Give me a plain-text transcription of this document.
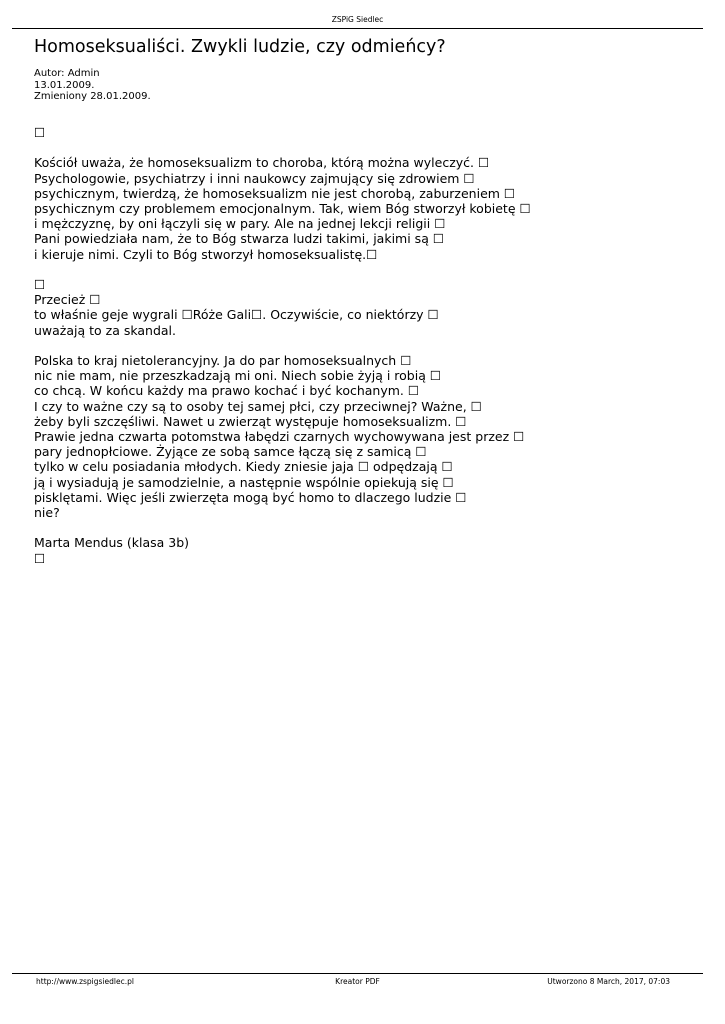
ZSPiG Siedlec
Homoseksualiści. Zwykli ludzie, czy odmieńcy?
Autor: Admin
13.01.2009.
Zmieniony 28.01.2009.

☐

Kościół uważa, że homoseksualizm to choroba, którą można wyleczyć. ☐
Psychologowie, psychiatrzy i inni naukowcy zajmujący się zdrowiem ☐
psychicznym, twierdzą, że homoseksualizm nie jest chorobą, zaburzeniem ☐
psychicznym czy problemem emocjonalnym. Tak, wiem Bóg stworzył kobietę ☐
i mężczyznę, by oni łączyli się w pary. Ale na jednej lekcji religii ☐
Pani powiedziała nam, że to Bóg stwarza ludzi takimi, jakimi są ☐
i kieruje nimi. Czyli to Bóg stworzył homoseksualistę.☐

☐
Przecież ☐
to właśnie geje wygrali ☐Róże Gali☐. Oczywiście, co niektórzy ☐
uważają to za skandal.

Polska to kraj nietolerancyjny. Ja do par homoseksualnych ☐
nic nie mam, nie przeszkadzają mi oni. Niech sobie żyją i robią ☐
co chcą. W końcu każdy ma prawo kochać i być kochanym. ☐
I czy to ważne czy są to osoby tej samej płci, czy przeciwnej? Ważne, ☐
żeby byli szczęśliwi. Nawet u zwierząt występuje homoseksualizm. ☐
Prawie jedna czwarta potomstwa łabędzi czarnych wychowywana jest przez ☐
pary jednopłciowe. Żyjące ze sobą samce łączą się z samicą ☐
tylko w celu posiadania młodych. Kiedy zniesie jaja ☐ odpędzają ☐
ją i wysiadują je samodzielnie, a następnie wspólnie opiekują się ☐
pisklętami. Więc jeśli zwierzęta mogą być homo to dlaczego ludzie ☐
nie?

Marta Mendus (klasa 3b)
☐

http://www.zspigsiedlec.pl	Kreator PDF	Utworzono 8 March, 2017, 07:03
